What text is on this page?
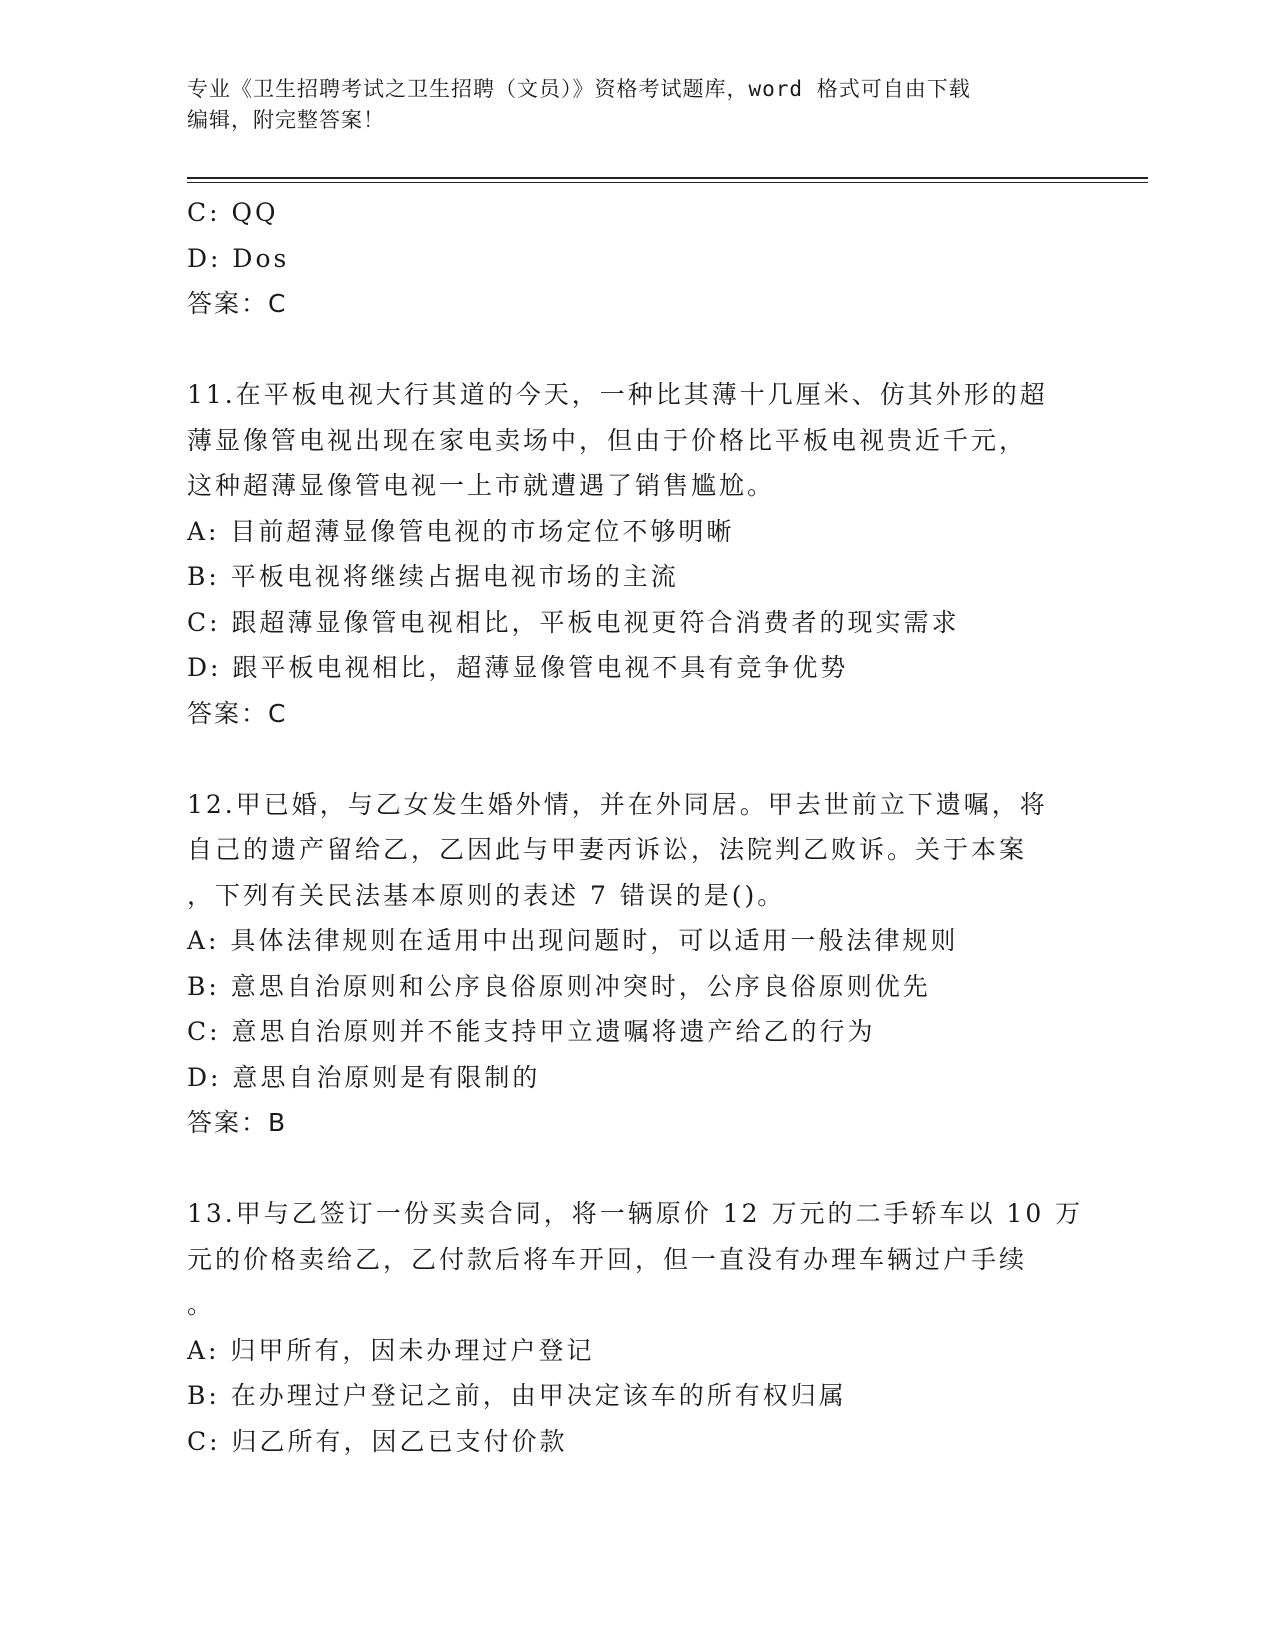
专业《卫生招聘考试之卫生招聘（文员）》资格考试题库，word 格式可自由下载
编辑，附完整答案！
C: QQ
D: Dos
答案：C
11.在平板电视大行其道的今天，一种比其薄十几厘米、仿其外形的超
薄显像管电视出现在家电卖场中，但由于价格比平板电视贵近千元，
这种超薄显像管电视一上市就遭遇了销售尴尬。
A: 目前超薄显像管电视的市场定位不够明晰
B: 平板电视将继续占据电视市场的主流
C: 跟超薄显像管电视相比，平板电视更符合消费者的现实需求
D: 跟平板电视相比，超薄显像管电视不具有竞争优势
答案：C
12.甲已婚，与乙女发生婚外情，并在外同居。甲去世前立下遗嘱，将
自己的遗产留给乙，乙因此与甲妻丙诉讼，法院判乙败诉。关于本案
，下列有关民法基本原则的表述 7 错误的是()。
A: 具体法律规则在适用中出现问题时，可以适用一般法律规则
B: 意思自治原则和公序良俗原则冲突时，公序良俗原则优先
C: 意思自治原则并不能支持甲立遗嘱将遗产给乙的行为
D: 意思自治原则是有限制的
答案：B
13.甲与乙签订一份买卖合同，将一辆原价 12 万元的二手轿车以 10 万
元的价格卖给乙，乙付款后将车开回，但一直没有办理车辆过户手续
。
A: 归甲所有，因未办理过户登记
B: 在办理过户登记之前，由甲决定该车的所有权归属
C: 归乙所有，因乙已支付价款
